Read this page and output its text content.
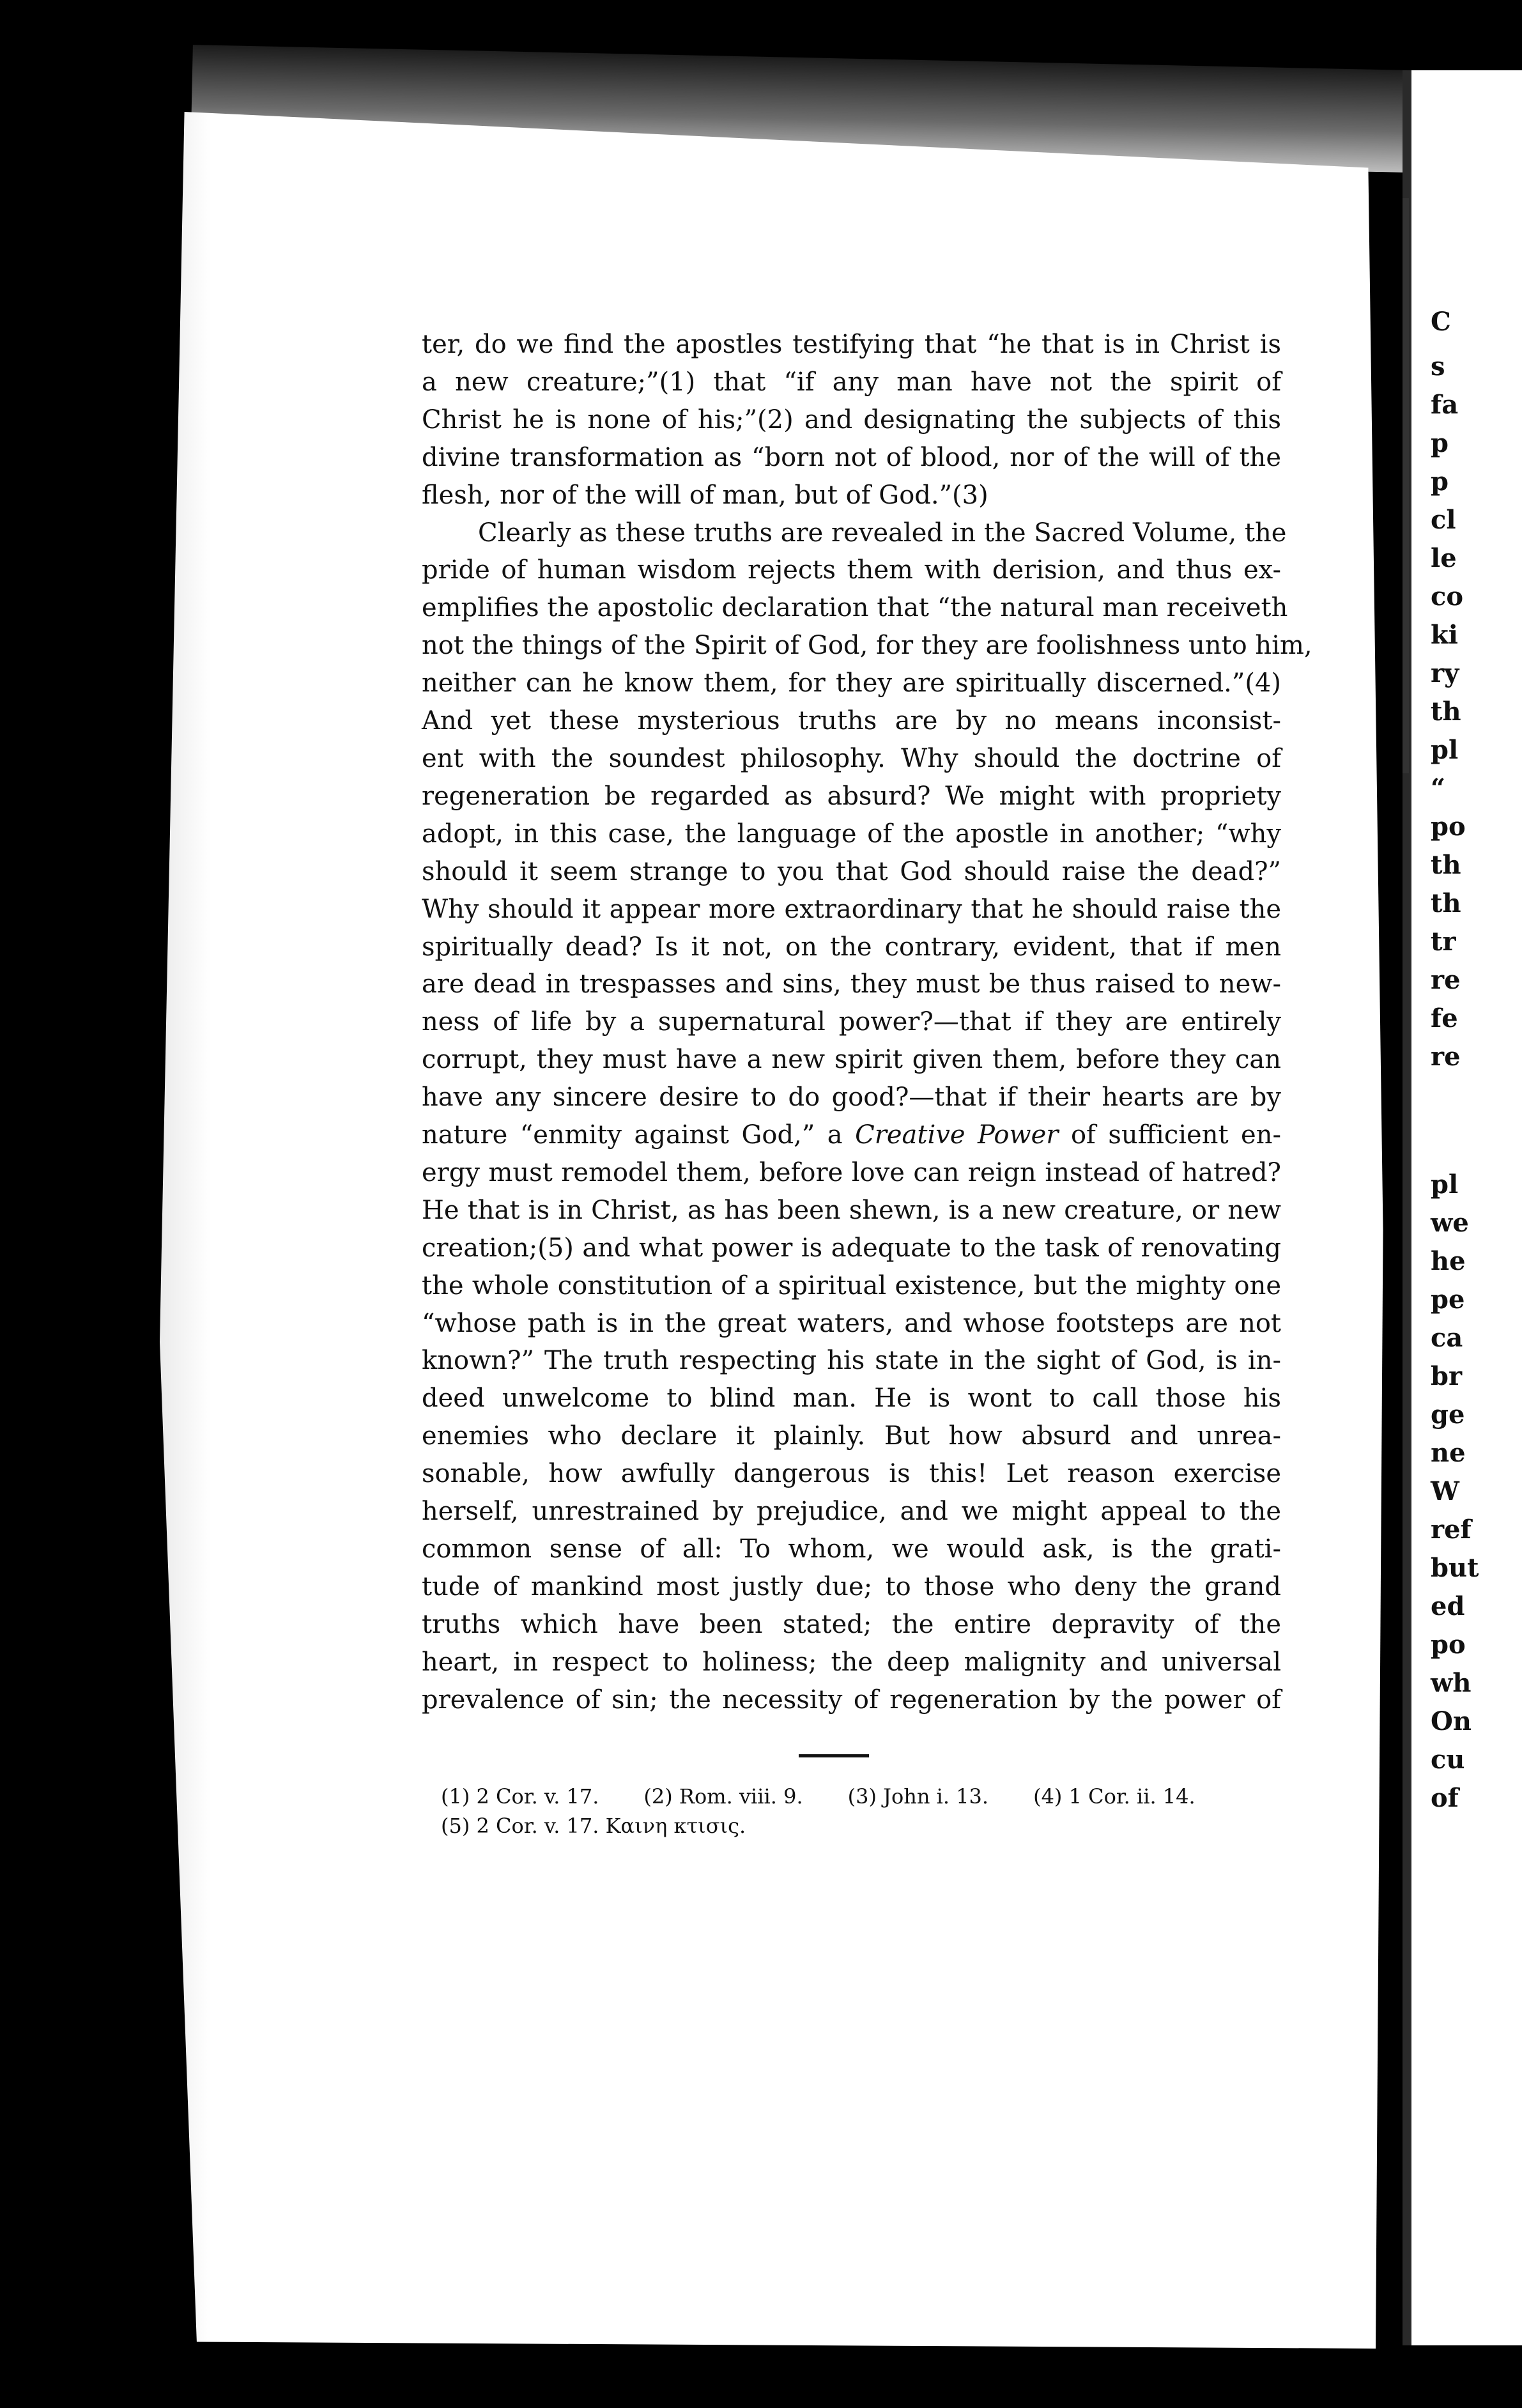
ter, do we find the apostles testifying that “he that is in Christ is
a new creature;”(1) that “if any man have not the spirit of
Christ he is none of his;”(2) and designating the subjects of this
divine transformation as “born not of blood, nor of the will of the
flesh, nor of the will of man, but of God.”(3)
Clearly as these truths are revealed in the Sacred Volume, the
pride of human wisdom rejects them with derision, and thus ex-
emplifies the apostolic declaration that “the natural man receiveth
not the things of the Spirit of God, for they are foolishness unto him,
neither can he know them, for they are spiritually discerned.”(4)
And yet these mysterious truths are by no means inconsist-
ent with the soundest philosophy. Why should the doctrine of
regeneration be regarded as absurd? We might with propriety
adopt, in this case, the language of the apostle in another; “why
should it seem strange to you that God should raise the dead?”
Why should it appear more extraordinary that he should raise the
spiritually dead? Is it not, on the contrary, evident, that if men
are dead in trespasses and sins, they must be thus raised to new-
ness of life by a supernatural power?—that if they are entirely
corrupt, they must have a new spirit given them, before they can
have any sincere desire to do good?—that if their hearts are by
nature “enmity against God,” a Creative Power of sufficient en-
ergy must remodel them, before love can reign instead of hatred?
He that is in Christ, as has been shewn, is a new creature, or new
creation;(5) and what power is adequate to the task of renovating
the whole constitution of a spiritual existence, but the mighty one
“whose path is in the great waters, and whose footsteps are not
known?” The truth respecting his state in the sight of God, is in-
deed unwelcome to blind man. He is wont to call those his
enemies who declare it plainly. But how absurd and unrea-
sonable, how awfully dangerous is this! Let reason exercise
herself, unrestrained by prejudice, and we might appeal to the
common sense of all: To whom, we would ask, is the grati-
tude of mankind most justly due; to those who deny the grand
truths which have been stated; the entire depravity of the
heart, in respect to holiness; the deep malignity and universal
prevalence of sin; the necessity of regeneration by the power of
(1) 2 Cor. v. 17. (2) Rom. viii. 9. (3) John i. 13. (4) 1 Cor. ii. 14.
(5) 2 Cor. v. 17. Καινη κτισις.
C
s
fa
p
p
cl
le
co
ki
ry
th
pl
“
po
th
th
tr
re
fe
re
pl
we
he
pe
ca
br
ge
ne
W
ref
but
ed
po
wh
On
cu
of
